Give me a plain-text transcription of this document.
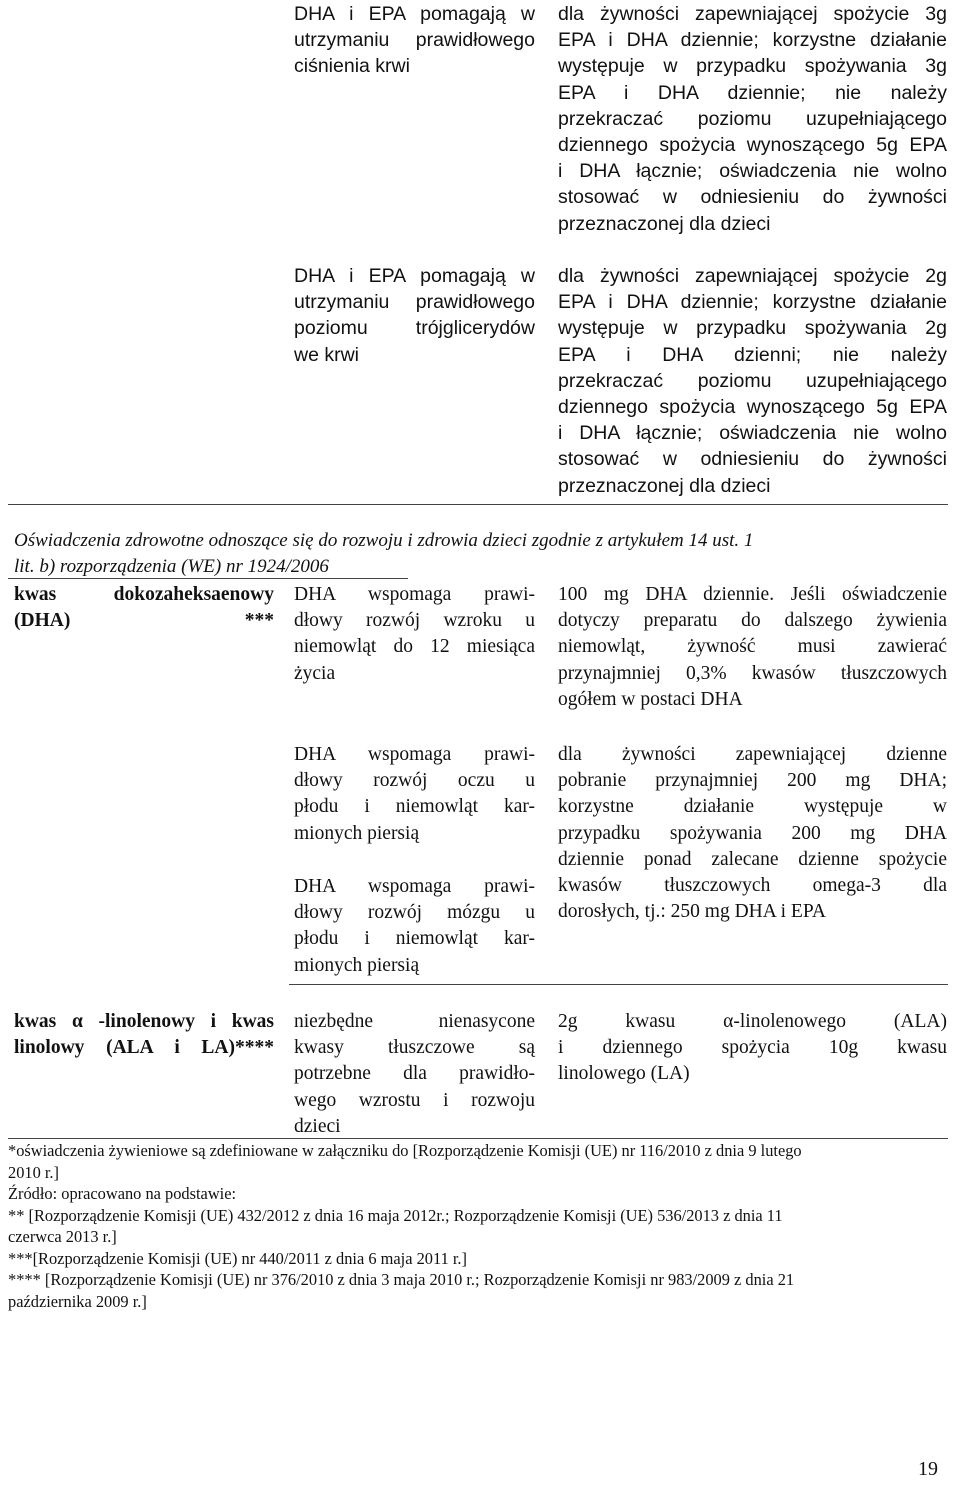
DHA i EPA pomagają w
utrzymaniu prawidłowego
ciśnienia krwi
dla żywności zapewniającej spożycie 3g
EPA i DHA dziennie; korzystne działanie
występuje w przypadku spożywania 3g
EPA i DHA dziennie; nie należy
przekraczać poziomu uzupełniającego
dziennego spożycia wynoszącego 5g EPA
i DHA łącznie; oświadczenia nie wolno
stosować w odniesieniu do żywności
przeznaczonej dla dzieci
DHA i EPA pomagają w
utrzymaniu prawidłowego
poziomu trójglicerydów
we krwi
dla żywności zapewniającej spożycie 2g
EPA i DHA dziennie; korzystne działanie
występuje w przypadku spożywania 2g
EPA i DHA dzienni; nie należy
przekraczać poziomu uzupełniającego
dziennego spożycia wynoszącego 5g EPA
i DHA łącznie; oświadczenia nie wolno
stosować w odniesieniu do żywności
przeznaczonej dla dzieci
Oświadczenia zdrowotne odnoszące się do rozwoju i zdrowia dzieci zgodnie z artykułem 14 ust. 1
lit. b) rozporządzenia (WE) nr 1924/2006
kwas dokozaheksaenowy
(DHA) ***
DHA wspomaga prawi-
dłowy rozwój wzroku u
niemowląt do 12 miesiąca
życia
100 mg DHA dziennie. Jeśli oświadczenie
dotyczy preparatu do dalszego żywienia
niemowląt, żywność musi zawierać
przynajmniej 0,3% kwasów tłuszczowych
ogółem w postaci DHA
DHA wspomaga prawi-
dłowy rozwój oczu u
płodu i niemowląt kar-
mionych piersią
DHA wspomaga prawi-
dłowy rozwój mózgu u
płodu i niemowląt kar-
mionych piersią
dla żywności zapewniającej dzienne
pobranie przynajmniej 200 mg DHA;
korzystne działanie występuje w
przypadku spożywania 200 mg DHA
dziennie ponad zalecane dzienne spożycie
kwasów tłuszczowych omega-3 dla
dorosłych, tj.: 250 mg DHA i EPA
kwas α -linolenowy i kwas
linolowy (ALA i LA)****
niezbędne nienasycone
kwasy tłuszczowe są
potrzebne dla prawidło-
wego wzrostu i rozwoju
dzieci
2g kwasu α-linolenowego (ALA)
i dziennego spożycia 10g kwasu
linolowego (LA)
*oświadczenia żywieniowe są zdefiniowane w załączniku do [Rozporządzenie Komisji (UE) nr 116/2010 z dnia 9 lutego
2010 r.]
Źródło: opracowano na podstawie:
** [Rozporządzenie Komisji (UE) 432/2012 z dnia 16 maja 2012r.; Rozporządzenie Komisji (UE) 536/2013 z dnia 11
czerwca 2013 r.]
***[Rozporządzenie Komisji (UE) nr 440/2011 z dnia 6 maja 2011 r.]
**** [Rozporządzenie Komisji (UE) nr 376/2010 z dnia 3 maja 2010 r.; Rozporządzenie Komisji nr 983/2009 z dnia 21
października 2009 r.]
19
